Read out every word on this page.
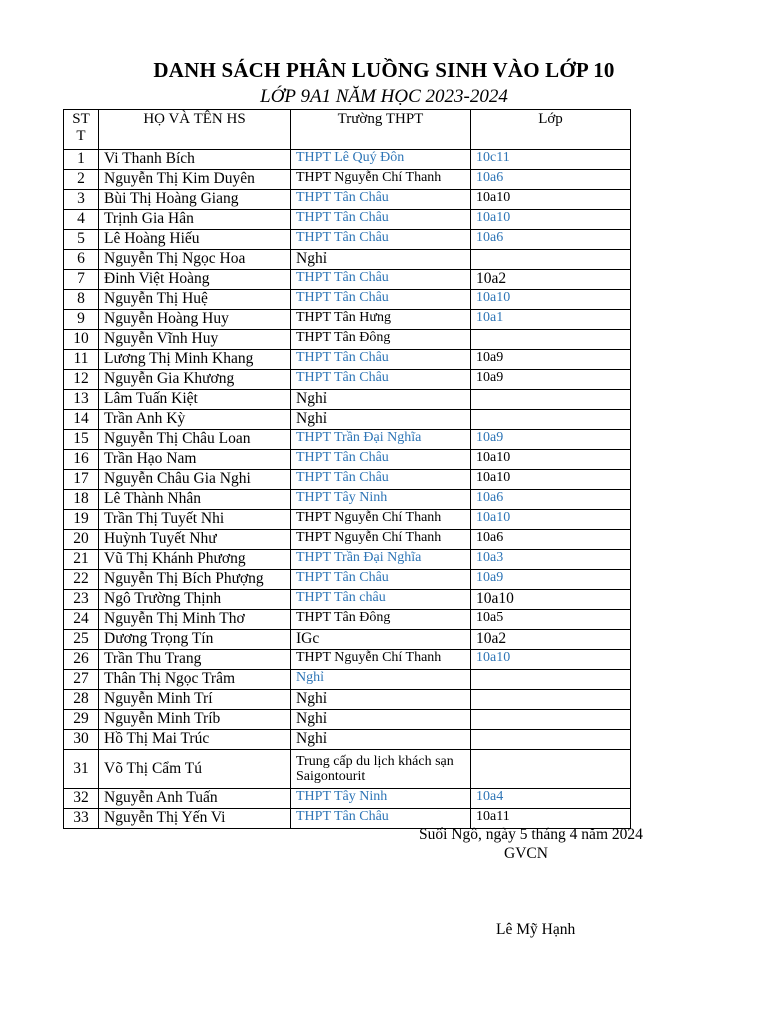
DANH SÁCH PHÂN LUỒNG SINH VÀO LỚP 10
LỚP 9A1 NĂM HỌC 2023-2024
ST T	HỌ VÀ TÊN HS	Trường THPT	Lớp
1	Vi Thanh Bích	THPT Lê Quý Đôn	10c11
2	Nguyễn Thị Kim Duyên	THPT Nguyễn Chí Thanh	10a6
3	Bùi Thị Hoàng Giang	THPT Tân Châu	10a10
4	Trịnh Gia Hân	THPT Tân Châu	10a10
5	Lê Hoàng Hiếu	THPT Tân Châu	10a6
6	Nguyễn Thị Ngọc Hoa	Nghỉ	
7	Đinh Việt Hoàng	THPT Tân Châu	10a2
8	Nguyễn Thị Huệ	THPT Tân Châu	10a10
9	Nguyễn Hoàng Huy	THPT Tân Hưng	10a1
10	Nguyễn Vĩnh Huy	THPT Tân Đông	
11	Lương Thị Minh Khang	THPT Tân Châu	10a9
12	Nguyễn Gia Khương	THPT Tân Châu	10a9
13	Lâm Tuấn Kiệt	Nghỉ	
14	Trần Anh Kỳ	Nghỉ	
15	Nguyễn Thị Châu Loan	THPT Trần Đại Nghĩa	10a9
16	Trần Hạo Nam	THPT Tân Châu	10a10
17	Nguyễn Châu Gia Nghi	THPT Tân Châu	10a10
18	Lê Thành Nhân	THPT Tây Ninh	10a6
19	Trần Thị Tuyết Nhi	THPT Nguyễn Chí Thanh	10a10
20	Huỳnh Tuyết Như	THPT Nguyễn Chí Thanh	10a6
21	Vũ Thị Khánh Phương	THPT Trần Đại Nghĩa	10a3
22	Nguyễn Thị Bích Phượng	THPT Tân Châu	10a9
23	Ngô Trường Thịnh	THPT Tân châu	10a10
24	Nguyễn Thị Minh Thơ	THPT Tân Đông	10a5
25	Dương Trọng Tín	IGc	10a2
26	Trần Thu Trang	THPT Nguyễn Chí Thanh	10a10
27	Thân Thị Ngọc Trâm	Nghỉ	
28	Nguyễn Minh Trí	Nghỉ	
29	Nguyễn Minh Tríb	Nghỉ	
30	Hồ Thị Mai Trúc	Nghỉ	
31	Võ Thị Cẩm Tú	Trung cấp du lịch khách sạn Saigontourit	
32	Nguyễn Anh Tuấn	THPT Tây Ninh	10a4
33	Nguyễn Thị Yến Vi	THPT Tân Châu	10a11
Suối Ngô, ngày 5 tháng 4 năm 2024
GVCN
Lê Mỹ Hạnh
